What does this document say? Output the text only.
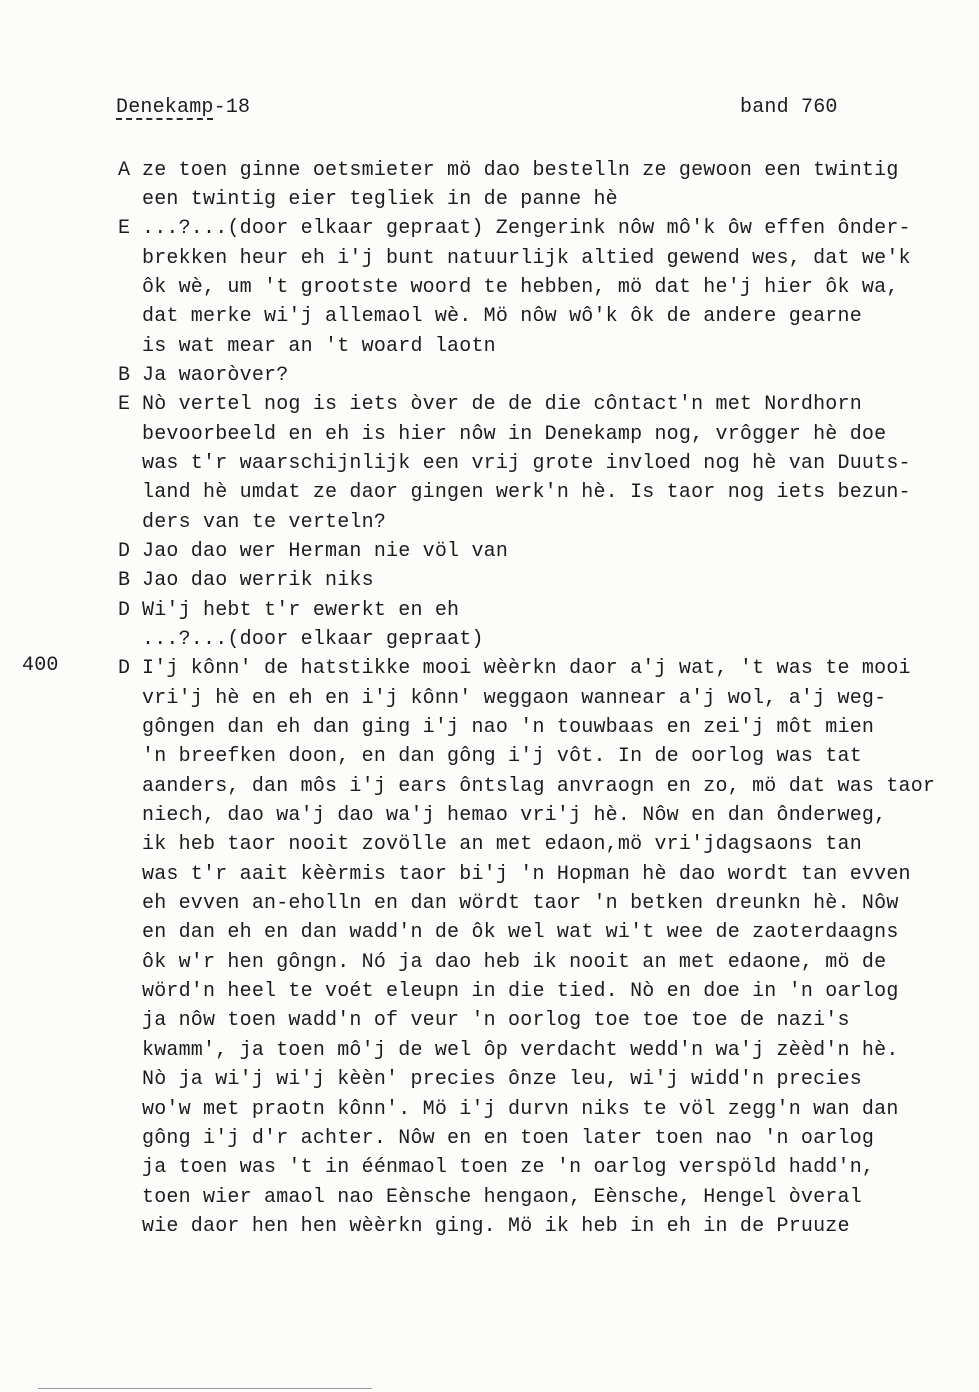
Denekamp-18	band 760
A ze toen ginne oetsmieter mö dao bestelln ze gewoon een twintig
een twintig eier tegliek in de panne hè
E ...?...(door elkaar gepraat) Zengerink nôw mô'k ôw effen ônder-
brekken heur eh i'j bunt natuurlijk altied gewend wes, dat we'k
ôk wè, um 't grootste woord te hebben, mö dat he'j hier ôk wa,
dat merke wi'j allemaol wè. Mö nôw wô'k ôk de andere gearne
is wat mear an 't woard laotn
B Ja waoròver?
E Nò vertel nog is iets òver de de die côntact'n met Nordhorn
bevoorbeeld en eh is hier nôw in Denekamp nog, vrôgger hè doe
was t'r waarschijnlijk een vrij grote invloed nog hè van Duuts-
land hè umdat ze daor gingen werk'n hè. Is taor nog iets bezun-
ders van te verteln?
D Jao dao wer Herman nie völ van
B Jao dao werrik niks
D Wi'j hebt t'r ewerkt en eh
...?...(door elkaar gepraat)
400	D I'j kônn' de hatstikke mooi wèèrkn daor a'j wat, 't was te mooi
vri'j hè en eh en i'j kônn' weggaon wannear a'j wol, a'j weg-
gôngen dan eh dan ging i'j nao 'n touwbaas en zei'j môt mien
'n breefken doon, en dan gông i'j vôt. In de oorlog was tat
aanders, dan môs i'j ears ôntslag anvraogn en zo, mö dat was taor
niech, dao wa'j dao wa'j hemao vri'j hè. Nôw en dan ônderweg,
ik heb taor nooit zovölle an met edaon,mö vri'jdagsaons tan
was t'r aait kèèrmis taor bi'j 'n Hopman hè dao wordt tan evven
eh evven an-eholln en dan wördt taor 'n betken dreunkn hè. Nôw
en dan eh en dan wadd'n de ôk wel wat wi't wee de zaoterdaagns
ôk w'r hen gôngn. Nó ja dao heb ik nooit an met edaone, mö de
wörd'n heel te voét eleupn in die tied. Nò en doe in 'n oarlog
ja nôw toen wadd'n of veur 'n oorlog toe toe toe de nazi's
kwamm', ja toen mô'j de wel ôp verdacht wedd'n wa'j zèèd'n hè.
Nò ja wi'j wi'j kèèn' precies ônze leu, wi'j widd'n precies
wo'w met praotn kônn'. Mö i'j durvn niks te völ zegg'n wan dan
gông i'j d'r achter. Nôw en en toen later toen nao 'n oarlog
ja toen was 't in éénmaol toen ze 'n oarlog verspöld hadd'n,
toen wier amaol nao Eènsche hengaon, Eènsche, Hengel òveral
wie daor hen hen wèèrkn ging. Mö ik heb in eh in de Pruuze
